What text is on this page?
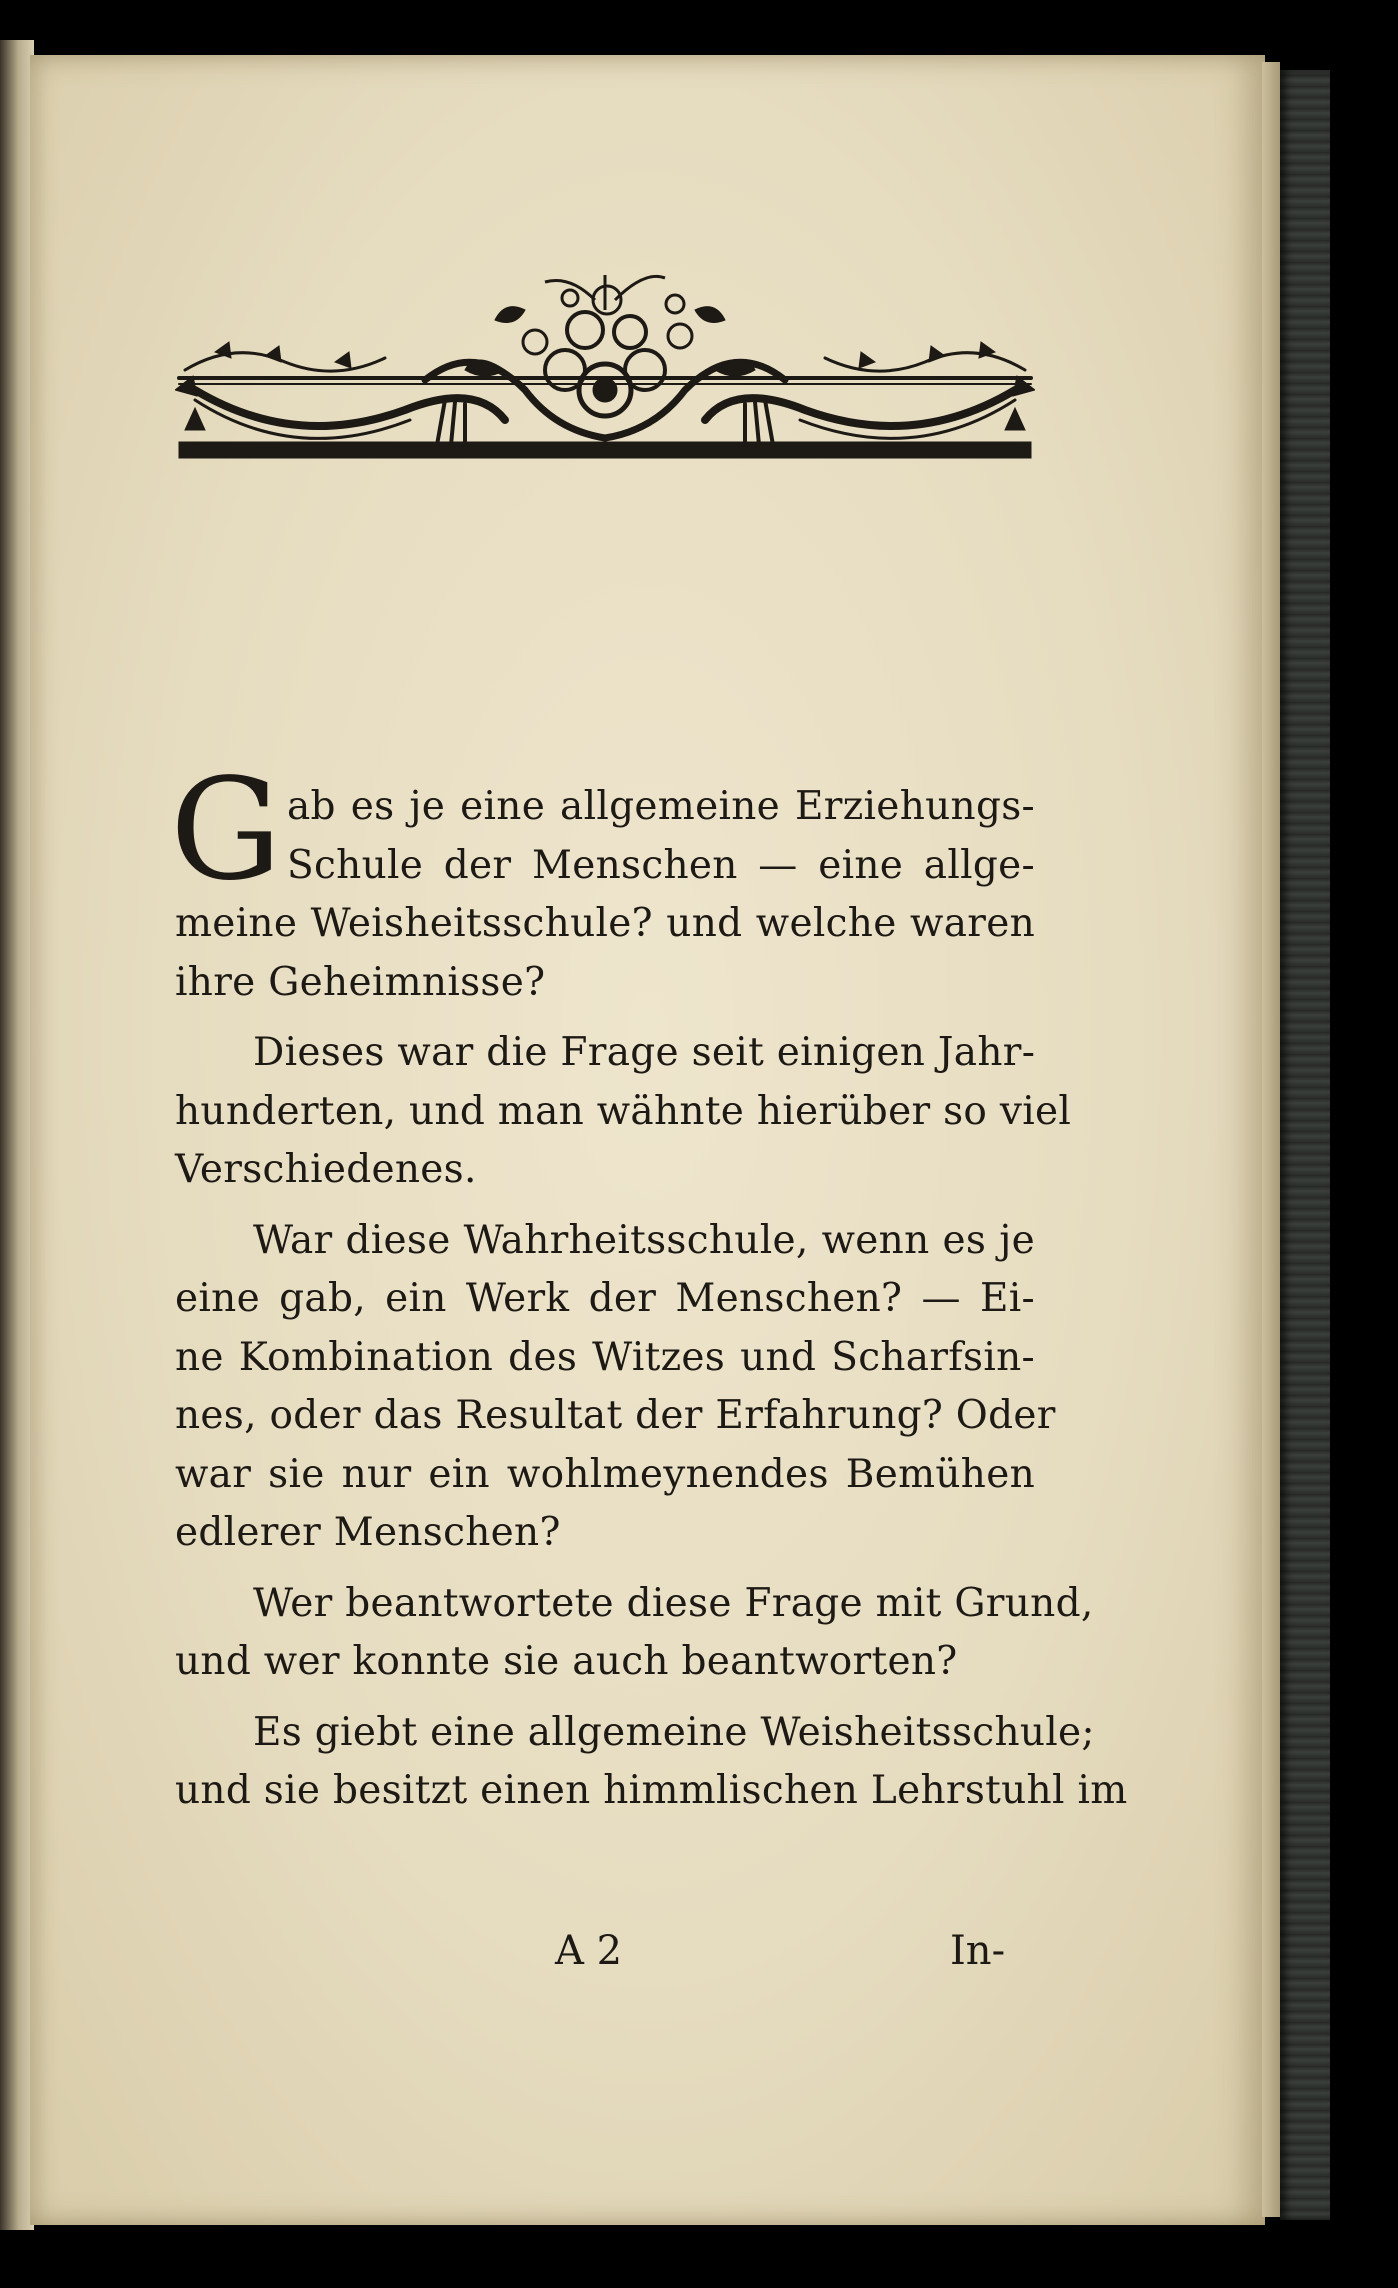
G ab es je eine allgemeine Erziehungs-
Schule der Menschen — eine allge-
meine Weisheitsschule? und welche waren
ihre Geheimnisse?
Dieses war die Frage seit einigen Jahr-
hunderten, und man wähnte hierüber so viel
Verschiedenes.
War diese Wahrheitsschule, wenn es je
eine gab, ein Werk der Menschen? — Ei-
ne Kombination des Witzes und Scharfsin-
nes, oder das Resultat der Erfahrung? Oder
war sie nur ein wohlmeynendes Bemühen
edlerer Menschen?
Wer beantwortete diese Frage mit Grund,
und wer konnte sie auch beantworten?
Es giebt eine allgemeine Weisheitsschule;
und sie besitzt einen himmlischen Lehrstuhl im
A 2	In-
